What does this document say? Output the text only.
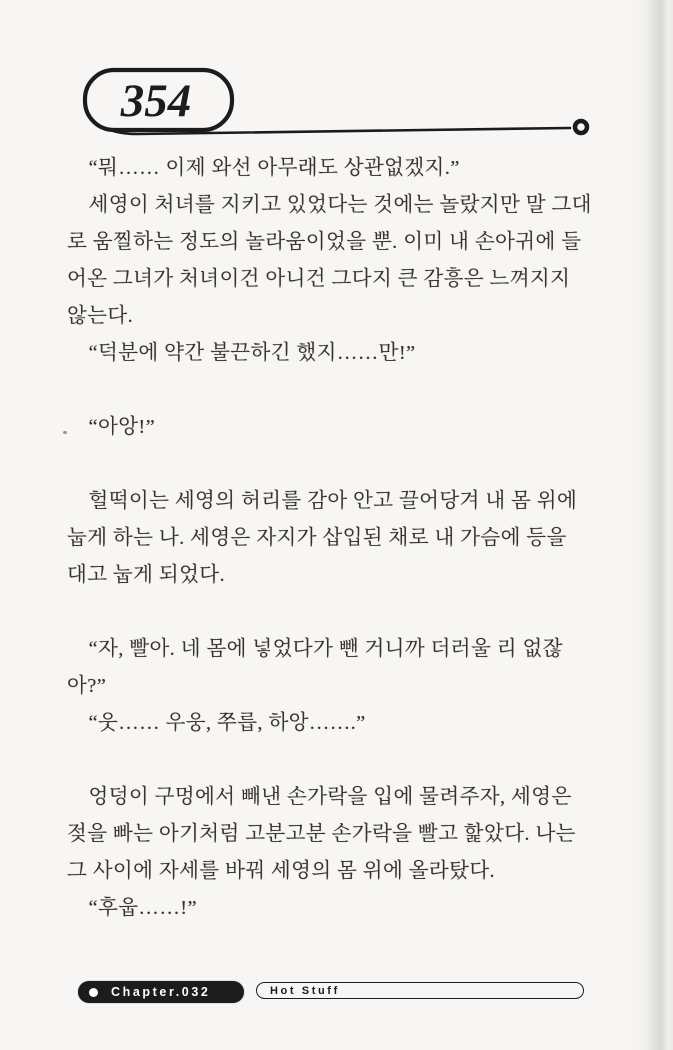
354
“뭐…… 이제 와선 아무래도 상관없겠지.”
세영이 처녀를 지키고 있었다는 것에는 놀랐지만 말 그대
로 움찔하는 정도의 놀라움이었을 뿐. 이미 내 손아귀에 들
어온 그녀가 처녀이건 아니건 그다지 큰 감흥은 느껴지지
않는다.
“덕분에 약간 불끈하긴 했지……만!”

“아앙!”

헐떡이는 세영의 허리를 감아 안고 끌어당겨 내 몸 위에
눕게 하는 나. 세영은 자지가 삽입된 채로 내 가슴에 등을
대고 눕게 되었다.

“자, 빨아. 네 몸에 넣었다가 뺀 거니까 더러울 리 없잖
아?”
“웃…… 우웅, 쭈릅, 하앙…….”

엉덩이 구멍에서 빼낸 손가락을 입에 물려주자, 세영은
젖을 빠는 아기처럼 고분고분 손가락을 빨고 핥았다. 나는
그 사이에 자세를 바꿔 세영의 몸 위에 올라탔다.
“후웁……!”
Chapter.032	Hot Stuff
